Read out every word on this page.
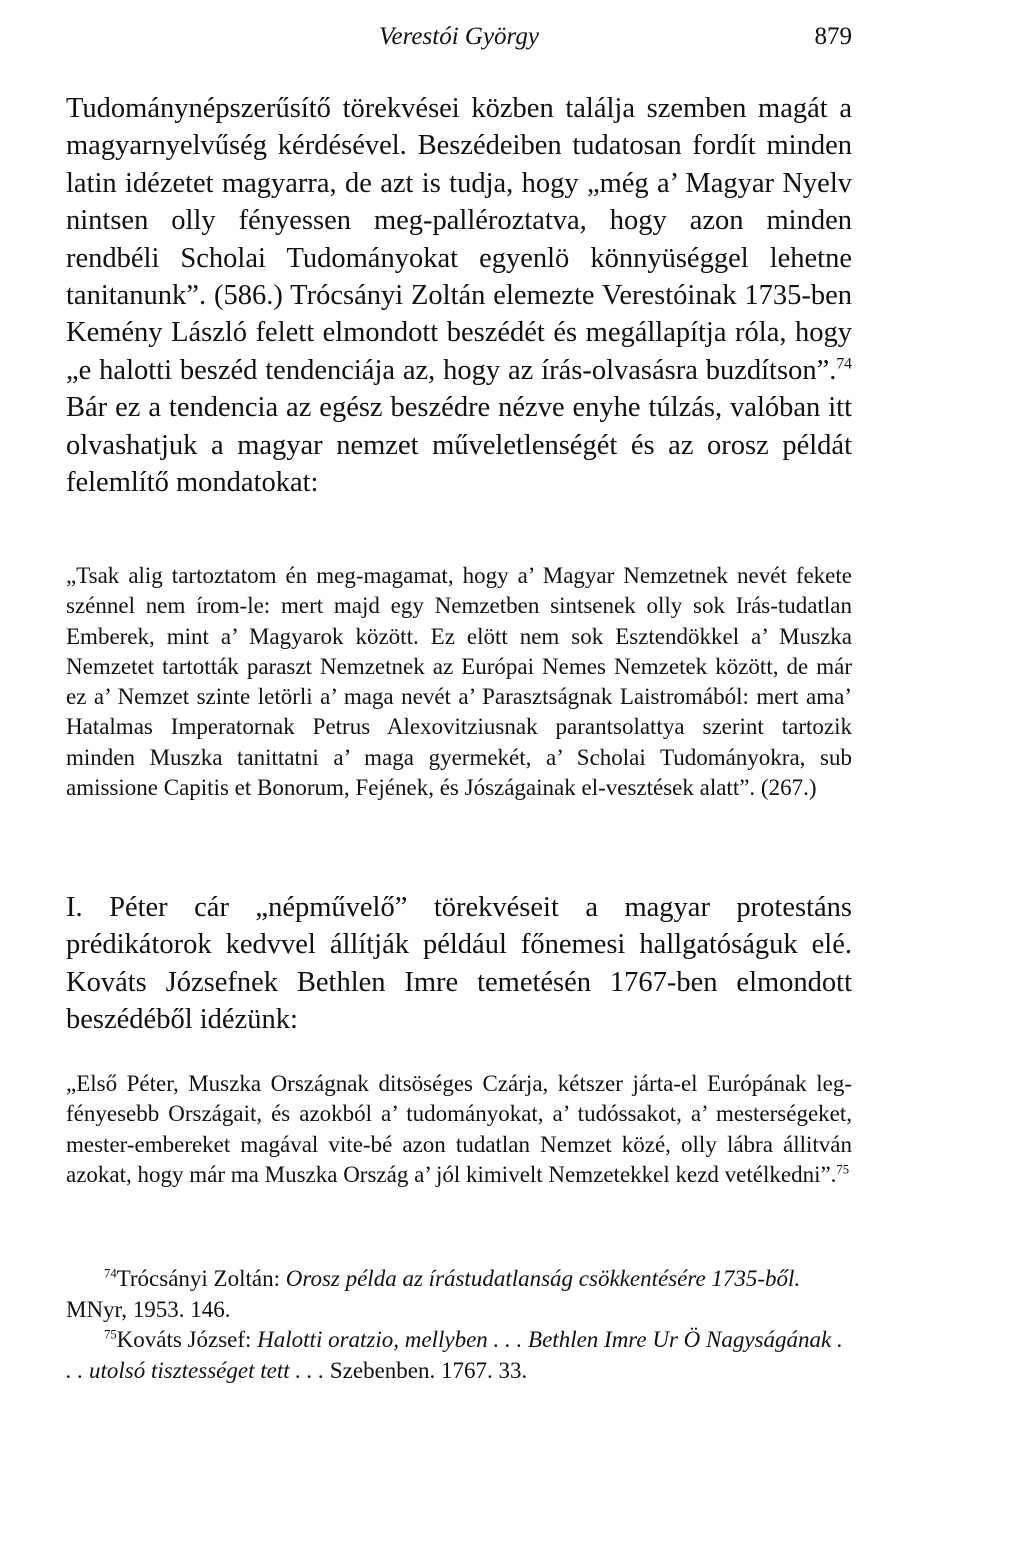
Verestói György	879

Tudománynépszerűsítő törekvései közben találja szemben magát a magyarnyelvűség kérdésével. Beszédeiben tudatosan fordít minden latin idézetet magyarra, de azt is tudja, hogy „még a’ Magyar Nyelv nintsen olly fényessen meg-palléroztatva, hogy azon minden rendbéli Scholai Tudományokat egyenlö könnyüséggel lehetne tanitanunk”. (586.) Trócsányi Zoltán elemezte Verestóinak 1735-ben Kemény László felett elmondott beszédét és megállapítja róla, hogy „e halotti beszéd tendenciája az, hogy az írás-olvasásra buzdítson”.$^{74}$ Bár ez a tendencia az egész beszédre nézve enyhe túlzás, valóban itt olvashatjuk a magyar nemzet műveletlenségét és az orosz példát felemlítő mondatokat:

„Tsak alig tartoztatom én meg-magamat, hogy a’ Magyar Nemzetnek nevét fekete szénnel nem írom-le: mert majd egy Nemzetben sintsenek olly sok Irás-tudatlan Emberek, mint a’ Magyarok között. Ez elött nem sok Esztendökkel a’ Muszka Nemzetet tartották paraszt Nemzetnek az Európai Nemes Nemzetek között, de már ez a’ Nemzet szinte letörli a’ maga nevét a’ Parasztságnak Laistromából: mert ama’ Hatalmas Imperatornak Petrus Alexovitziusnak parantsolattya szerint tartozik minden Muszka tanittatni a’ maga gyermekét, a’ Scholai Tudományokra, sub amissione Capitis et Bonorum, Fejének, és Jószágainak el-vesztések alatt”. (267.)

I. Péter cár „népművelő” törekvéseit a magyar protestáns prédikátorok kedvvel állítják például főnemesi hallgatóságuk elé. Kováts Józsefnek Bethlen Imre temetésén 1767-ben elmondott beszédéből idézünk:

„Első Péter, Muszka Országnak ditsöséges Czárja, kétszer járta-el Európának leg-fényesebb Országait, és azokból a’ tudományokat, a’ tudóssakot, a’ mesterségeket, mester-embereket magával vite-bé azon tudatlan Nemzet közé, olly lábra állitván azokat, hogy már ma Muszka Ország a’ jól kimivelt Nemzetekkel kezd vetélkedni”.$^{75}$

$^{74}$Trócsányi Zoltán: Orosz példa az írástudatlanság csökkentésére 1735-ből. MNyr, 1953. 146.

$^{75}$Kováts József: Halotti oratzio, mellyben . . . Bethlen Imre Ur Ö Nagyságának . . . utolsó tisztességet tett . . . Szebenben. 1767. 33.
